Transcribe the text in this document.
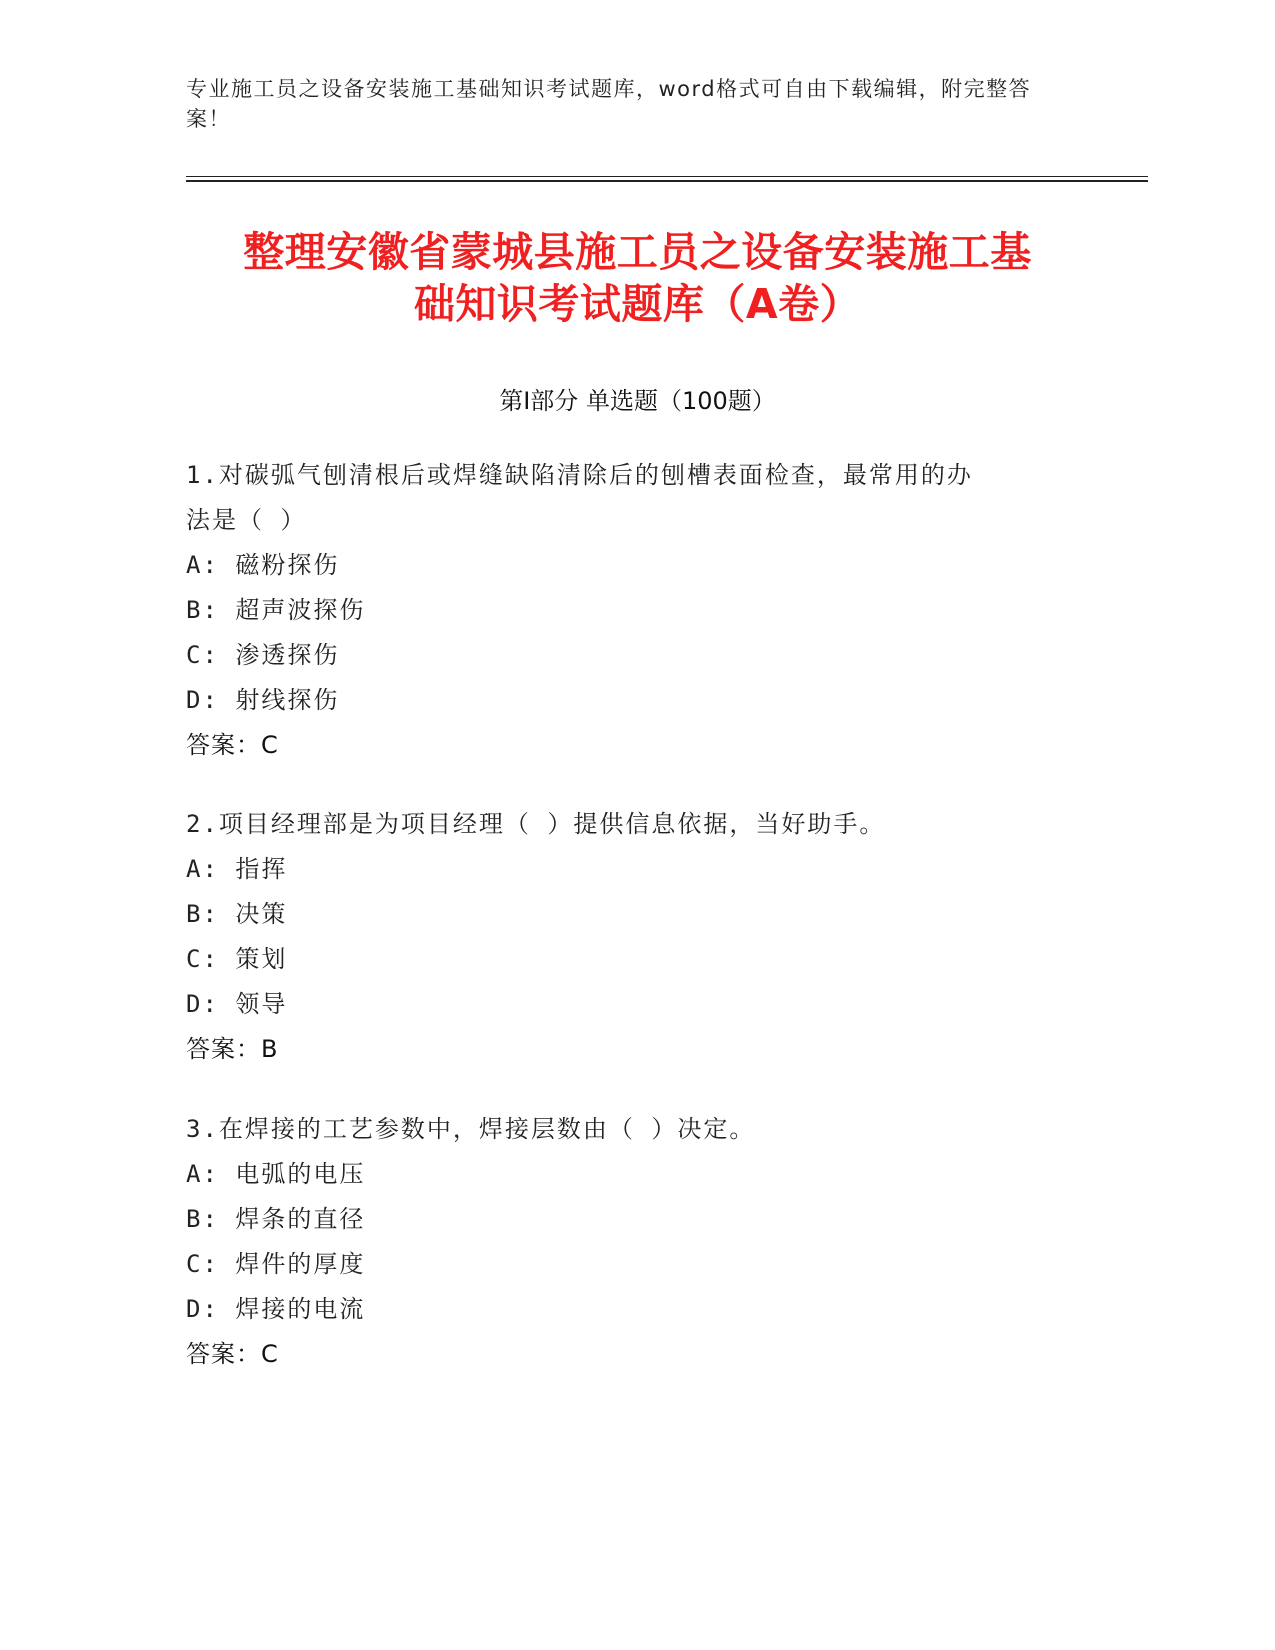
专业施工员之设备安装施工基础知识考试题库，word格式可自由下载编辑，附完整答案！
整理安徽省蒙城县施工员之设备安装施工基
础知识考试题库（A卷）
第Ⅰ部分 单选题（100题）
1.对碳弧气刨清根后或焊缝缺陷清除后的刨槽表面检查，最常用的办
法是（ ）
A: 磁粉探伤
B: 超声波探伤
C: 渗透探伤
D: 射线探伤
答案：C
2.项目经理部是为项目经理（ ）提供信息依据，当好助手。
A: 指挥
B: 决策
C: 策划
D: 领导
答案：B
3.在焊接的工艺参数中，焊接层数由（ ）决定。
A: 电弧的电压
B: 焊条的直径
C: 焊件的厚度
D: 焊接的电流
答案：C
